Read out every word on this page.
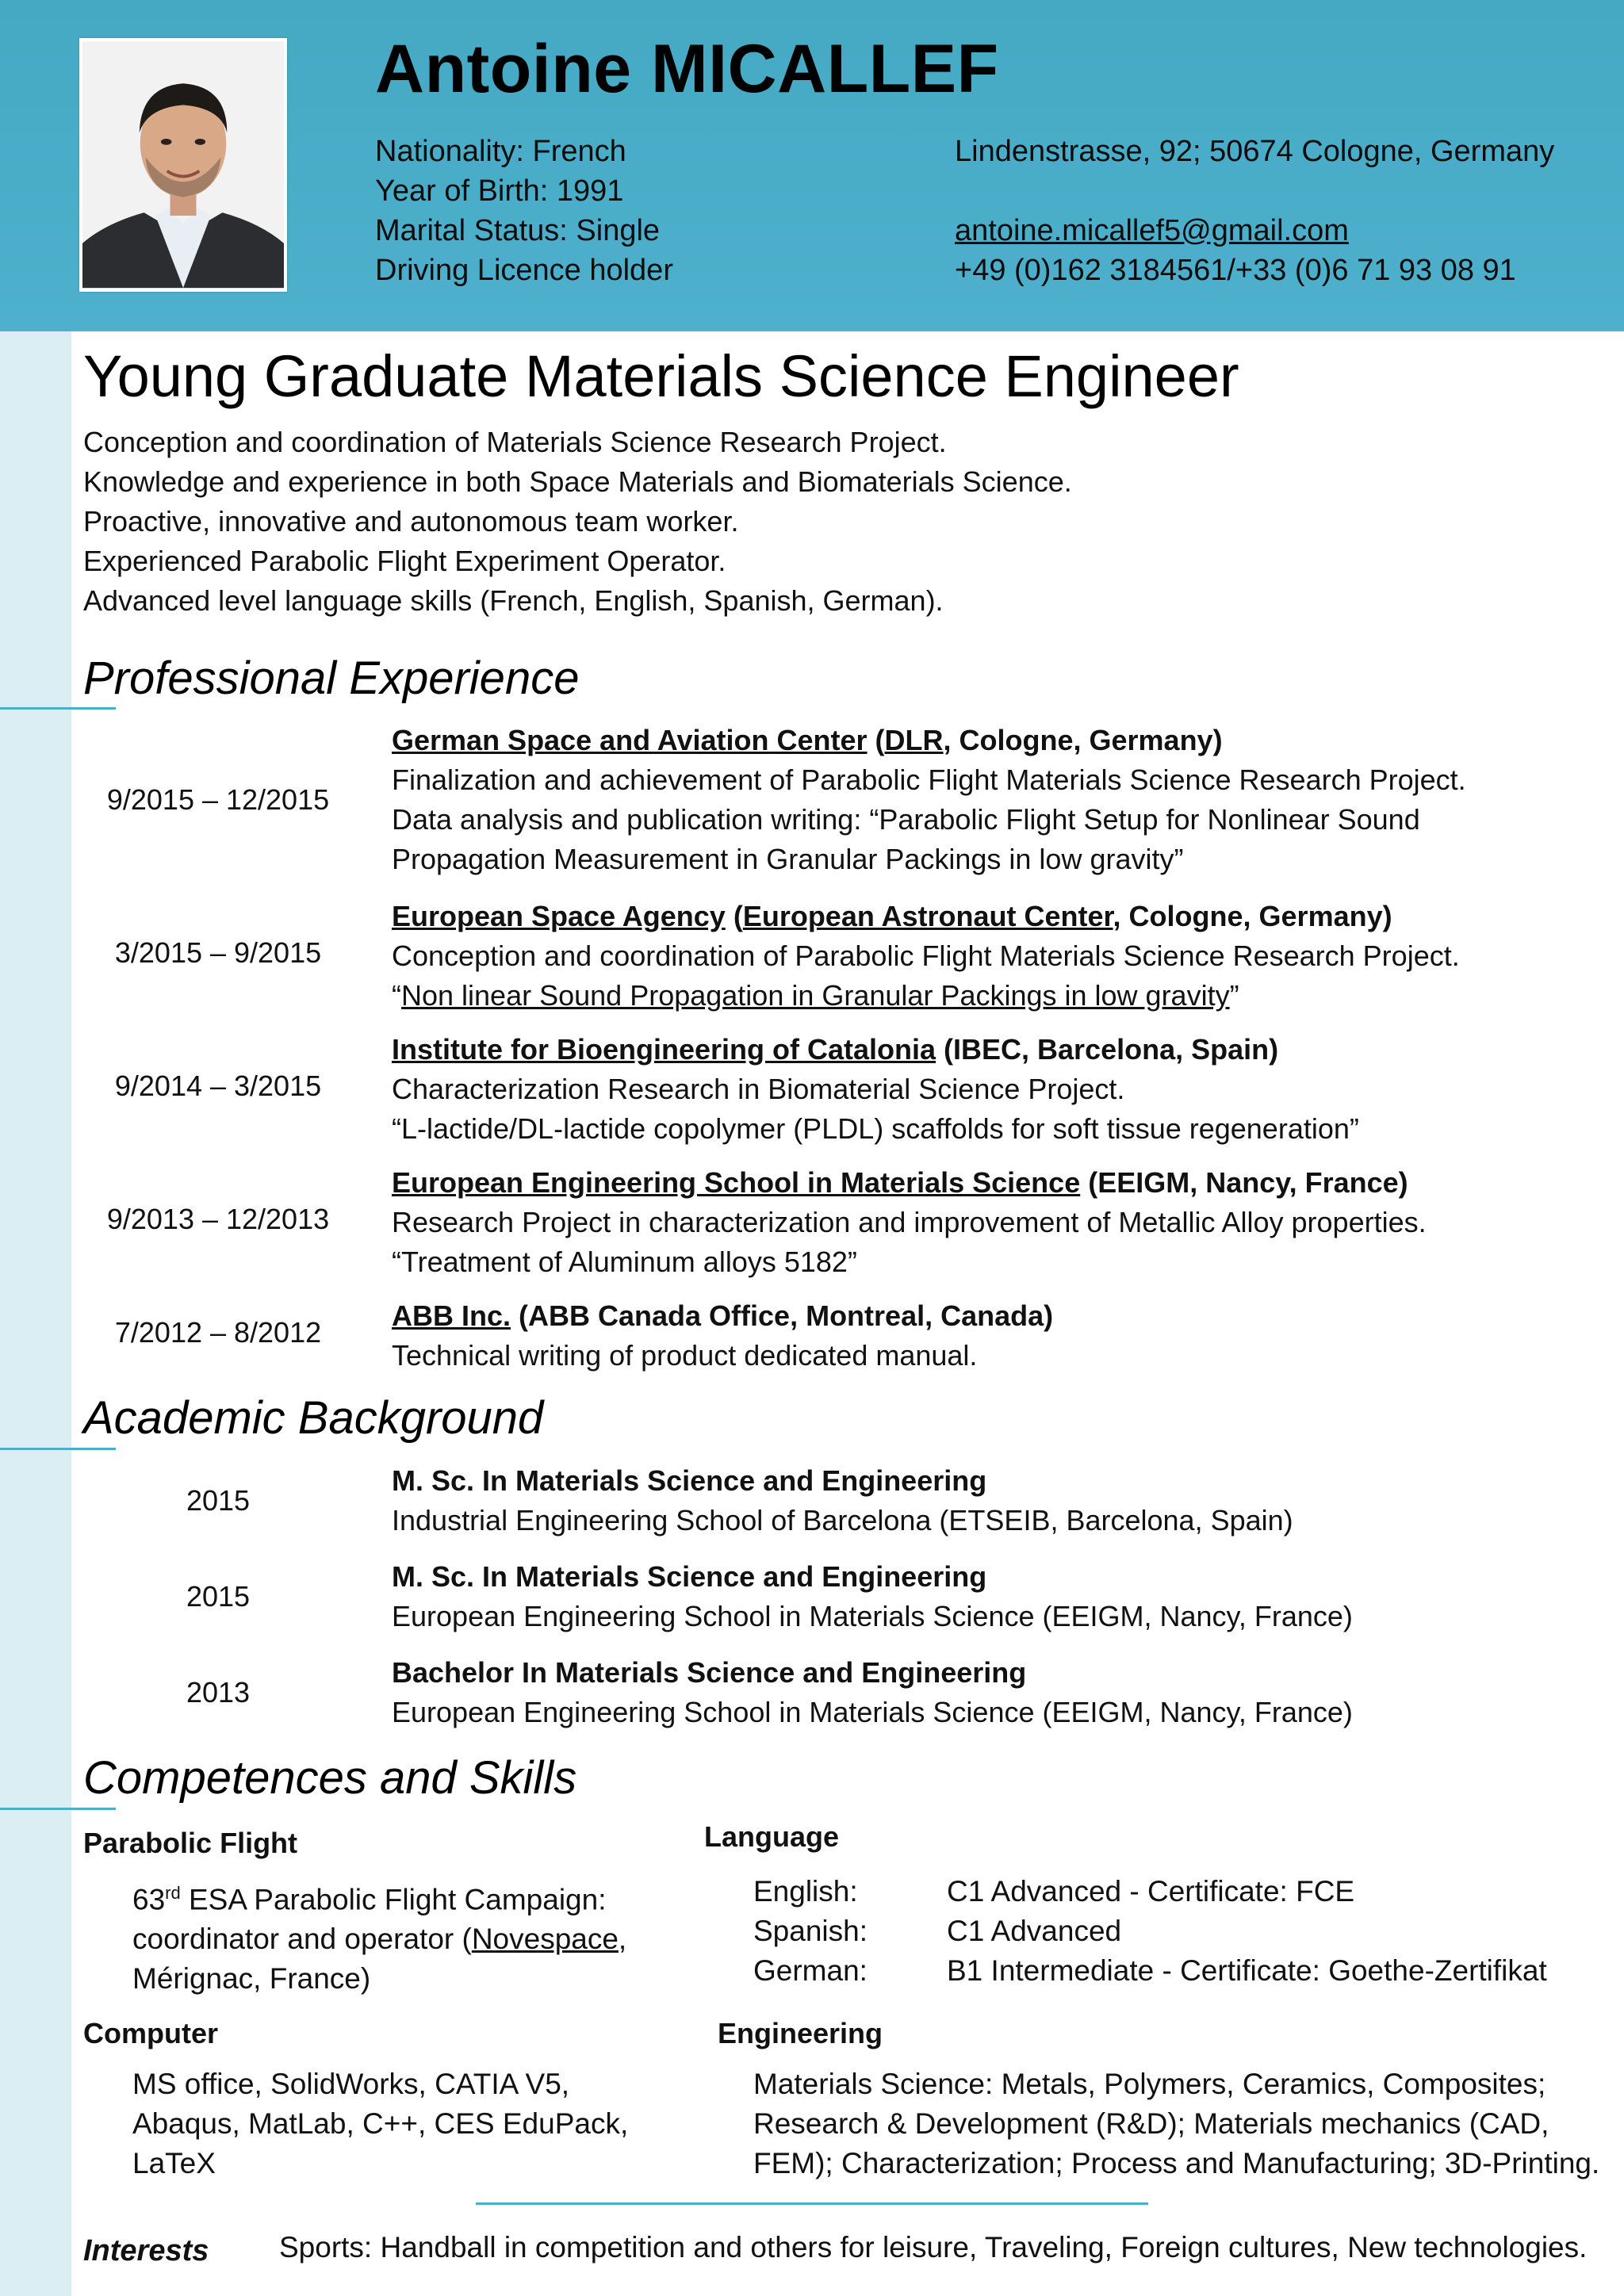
Antoine MICALLEF
Nationality: French
Year of Birth: 1991
Marital Status: Single
Driving Licence holder
Lindenstrasse, 92; 50674 Cologne, Germany
antoine.micallef5@gmail.com
+49 (0)162 3184561/+33 (0)6 71 93 08 91
Young Graduate Materials Science Engineer
Conception and coordination of Materials Science Research Project.
Knowledge and experience in both Space Materials and Biomaterials Science.
Proactive, innovative and autonomous team worker.
Experienced Parabolic Flight Experiment Operator.
Advanced level language skills (French, English, Spanish, German).
Professional Experience
9/2015 – 12/2015
German Space and Aviation Center (DLR, Cologne, Germany)
Finalization and achievement of Parabolic Flight Materials Science Research Project.
Data analysis and publication writing: “Parabolic Flight Setup for Nonlinear Sound
Propagation Measurement in Granular Packings in low gravity”
3/2015 – 9/2015
European Space Agency (European Astronaut Center, Cologne, Germany)
Conception and coordination of Parabolic Flight Materials Science Research Project.
“Non linear Sound Propagation in Granular Packings in low gravity”
9/2014 – 3/2015
Institute for Bioengineering of Catalonia (IBEC, Barcelona, Spain)
Characterization Research in Biomaterial Science Project.
“L-lactide/DL-lactide copolymer (PLDL) scaffolds for soft tissue regeneration”
9/2013 – 12/2013
European Engineering School in Materials Science (EEIGM, Nancy, France)
Research Project in characterization and improvement of Metallic Alloy properties.
“Treatment of Aluminum alloys 5182”
7/2012 – 8/2012
ABB Inc. (ABB Canada Office, Montreal, Canada)
Technical writing of product dedicated manual.
Academic Background
2015
M. Sc. In Materials Science and Engineering
Industrial Engineering School of Barcelona (ETSEIB, Barcelona, Spain)
2015
M. Sc. In Materials Science and Engineering
European Engineering School in Materials Science (EEIGM, Nancy, France)
2013
Bachelor In Materials Science and Engineering
European Engineering School in Materials Science (EEIGM, Nancy, France)
Competences and Skills
Parabolic Flight
63rd ESA Parabolic Flight Campaign:
coordinator and operator (Novespace,
Mérignac, France)
Language
English:	C1 Advanced - Certificate: FCE
Spanish:	C1 Advanced
German:	B1 Intermediate - Certificate: Goethe-Zertifikat
Computer
MS office, SolidWorks, CATIA V5,
Abaqus, MatLab, C++, CES EduPack,
LaTeX
Engineering
Materials Science: Metals, Polymers, Ceramics, Composites;
Research & Development (R&D); Materials mechanics (CAD,
FEM); Characterization; Process and Manufacturing; 3D-Printing.
Interests Sports: Handball in competition and others for leisure, Traveling, Foreign cultures, New technologies.
